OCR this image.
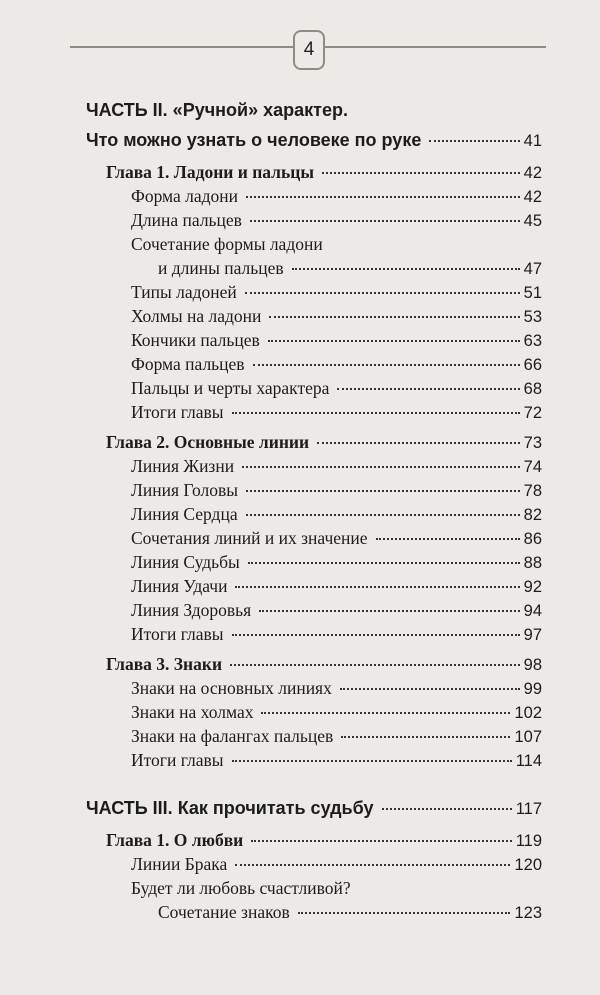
4
ЧАСТЬ II. «Ручной» характер.
Что можно узнать о человеке по руке	41
Глава 1. Ладони и пальцы	42
Форма ладони	42
Длина пальцев	45
Сочетание формы ладони
и длины пальцев	47
Типы ладоней	51
Холмы на ладони	53
Кончики пальцев	63
Форма пальцев	66
Пальцы и черты характера	68
Итоги главы	72
Глава 2. Основные линии	73
Линия Жизни	74
Линия Головы	78
Линия Сердца	82
Сочетания линий и их значение	86
Линия Судьбы	88
Линия Удачи	92
Линия Здоровья	94
Итоги главы	97
Глава 3. Знаки	98
Знаки на основных линиях	99
Знаки на холмах	102
Знаки на фалангах пальцев	107
Итоги главы	114
ЧАСТЬ III. Как прочитать судьбу	117
Глава 1. О любви	119
Линии Брака	120
Будет ли любовь счастливой?
Сочетание знаков	123
